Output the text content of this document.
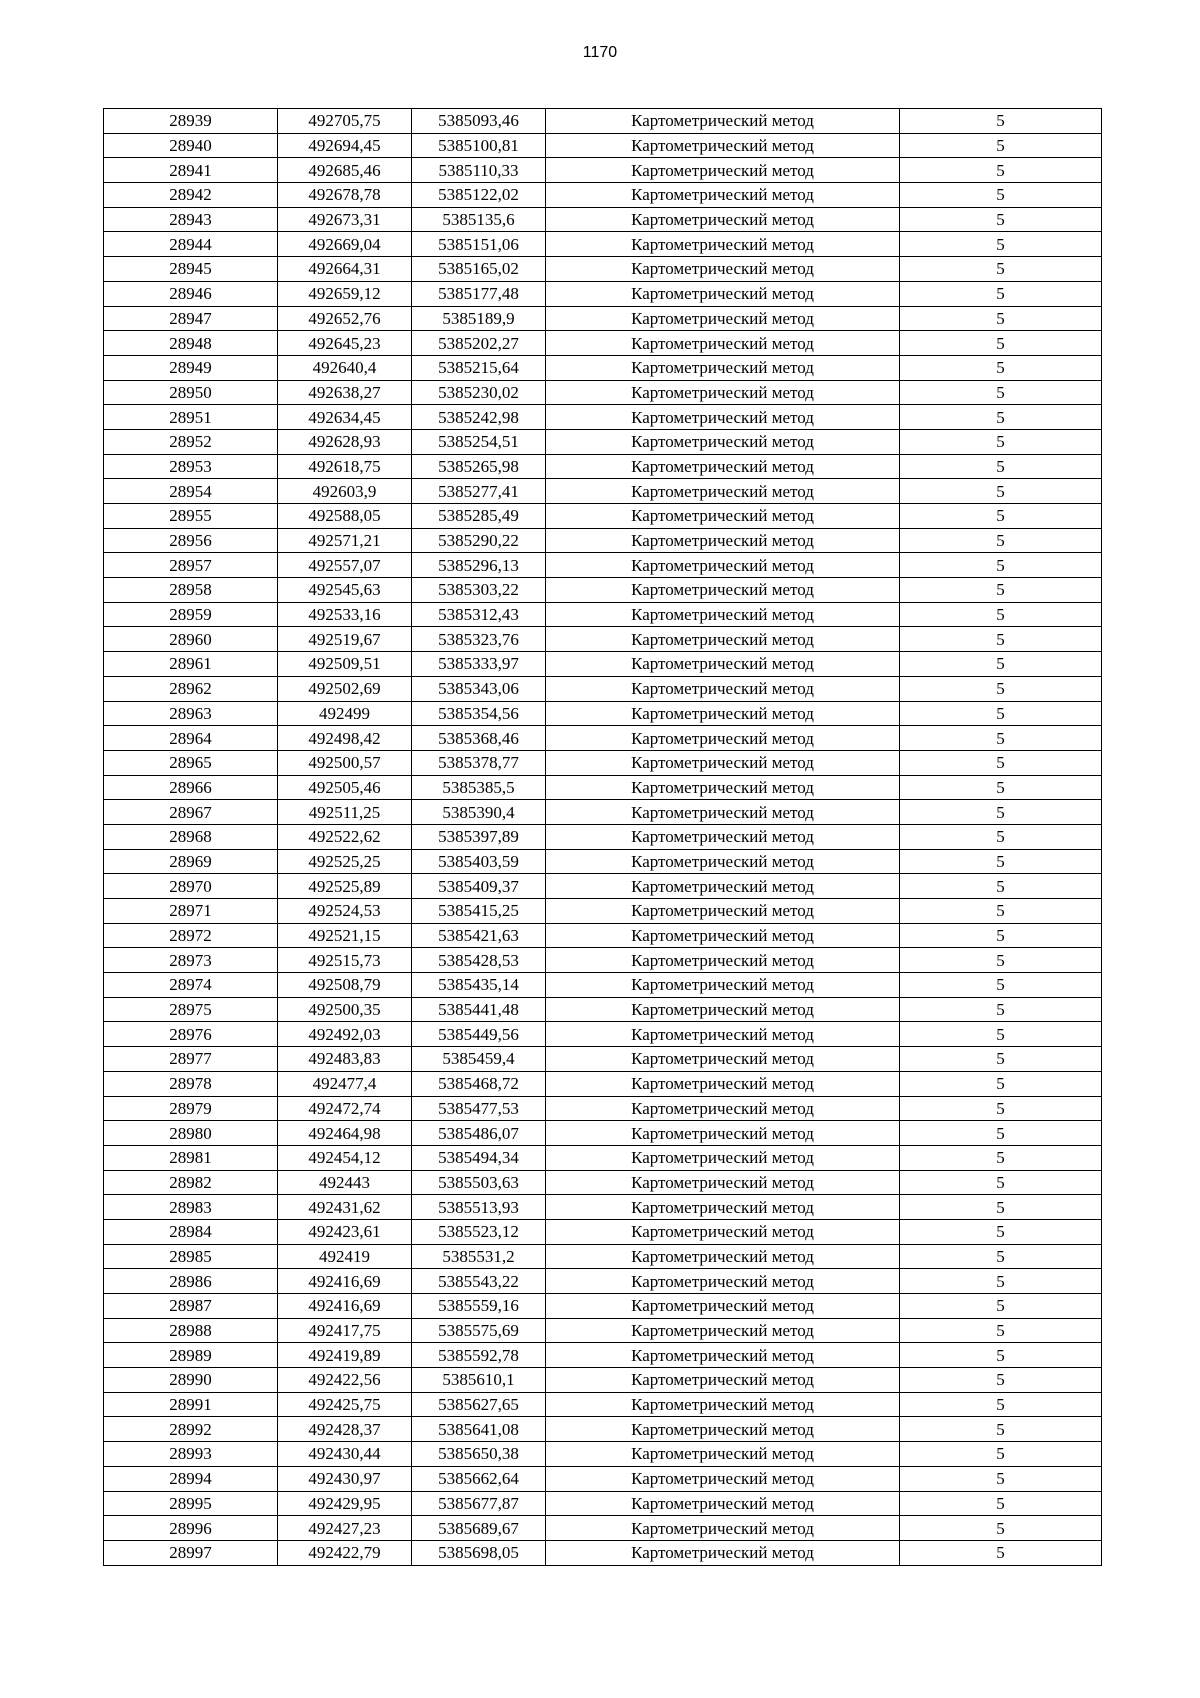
1170
28939	492705,75	5385093,46	Картометрический метод	5
28940	492694,45	5385100,81	Картометрический метод	5
28941	492685,46	5385110,33	Картометрический метод	5
28942	492678,78	5385122,02	Картометрический метод	5
28943	492673,31	5385135,6	Картометрический метод	5
28944	492669,04	5385151,06	Картометрический метод	5
28945	492664,31	5385165,02	Картометрический метод	5
28946	492659,12	5385177,48	Картометрический метод	5
28947	492652,76	5385189,9	Картометрический метод	5
28948	492645,23	5385202,27	Картометрический метод	5
28949	492640,4	5385215,64	Картометрический метод	5
28950	492638,27	5385230,02	Картометрический метод	5
28951	492634,45	5385242,98	Картометрический метод	5
28952	492628,93	5385254,51	Картометрический метод	5
28953	492618,75	5385265,98	Картометрический метод	5
28954	492603,9	5385277,41	Картометрический метод	5
28955	492588,05	5385285,49	Картометрический метод	5
28956	492571,21	5385290,22	Картометрический метод	5
28957	492557,07	5385296,13	Картометрический метод	5
28958	492545,63	5385303,22	Картометрический метод	5
28959	492533,16	5385312,43	Картометрический метод	5
28960	492519,67	5385323,76	Картометрический метод	5
28961	492509,51	5385333,97	Картометрический метод	5
28962	492502,69	5385343,06	Картометрический метод	5
28963	492499	5385354,56	Картометрический метод	5
28964	492498,42	5385368,46	Картометрический метод	5
28965	492500,57	5385378,77	Картометрический метод	5
28966	492505,46	5385385,5	Картометрический метод	5
28967	492511,25	5385390,4	Картометрический метод	5
28968	492522,62	5385397,89	Картометрический метод	5
28969	492525,25	5385403,59	Картометрический метод	5
28970	492525,89	5385409,37	Картометрический метод	5
28971	492524,53	5385415,25	Картометрический метод	5
28972	492521,15	5385421,63	Картометрический метод	5
28973	492515,73	5385428,53	Картометрический метод	5
28974	492508,79	5385435,14	Картометрический метод	5
28975	492500,35	5385441,48	Картометрический метод	5
28976	492492,03	5385449,56	Картометрический метод	5
28977	492483,83	5385459,4	Картометрический метод	5
28978	492477,4	5385468,72	Картометрический метод	5
28979	492472,74	5385477,53	Картометрический метод	5
28980	492464,98	5385486,07	Картометрический метод	5
28981	492454,12	5385494,34	Картометрический метод	5
28982	492443	5385503,63	Картометрический метод	5
28983	492431,62	5385513,93	Картометрический метод	5
28984	492423,61	5385523,12	Картометрический метод	5
28985	492419	5385531,2	Картометрический метод	5
28986	492416,69	5385543,22	Картометрический метод	5
28987	492416,69	5385559,16	Картометрический метод	5
28988	492417,75	5385575,69	Картометрический метод	5
28989	492419,89	5385592,78	Картометрический метод	5
28990	492422,56	5385610,1	Картометрический метод	5
28991	492425,75	5385627,65	Картометрический метод	5
28992	492428,37	5385641,08	Картометрический метод	5
28993	492430,44	5385650,38	Картометрический метод	5
28994	492430,97	5385662,64	Картометрический метод	5
28995	492429,95	5385677,87	Картометрический метод	5
28996	492427,23	5385689,67	Картометрический метод	5
28997	492422,79	5385698,05	Картометрический метод	5
